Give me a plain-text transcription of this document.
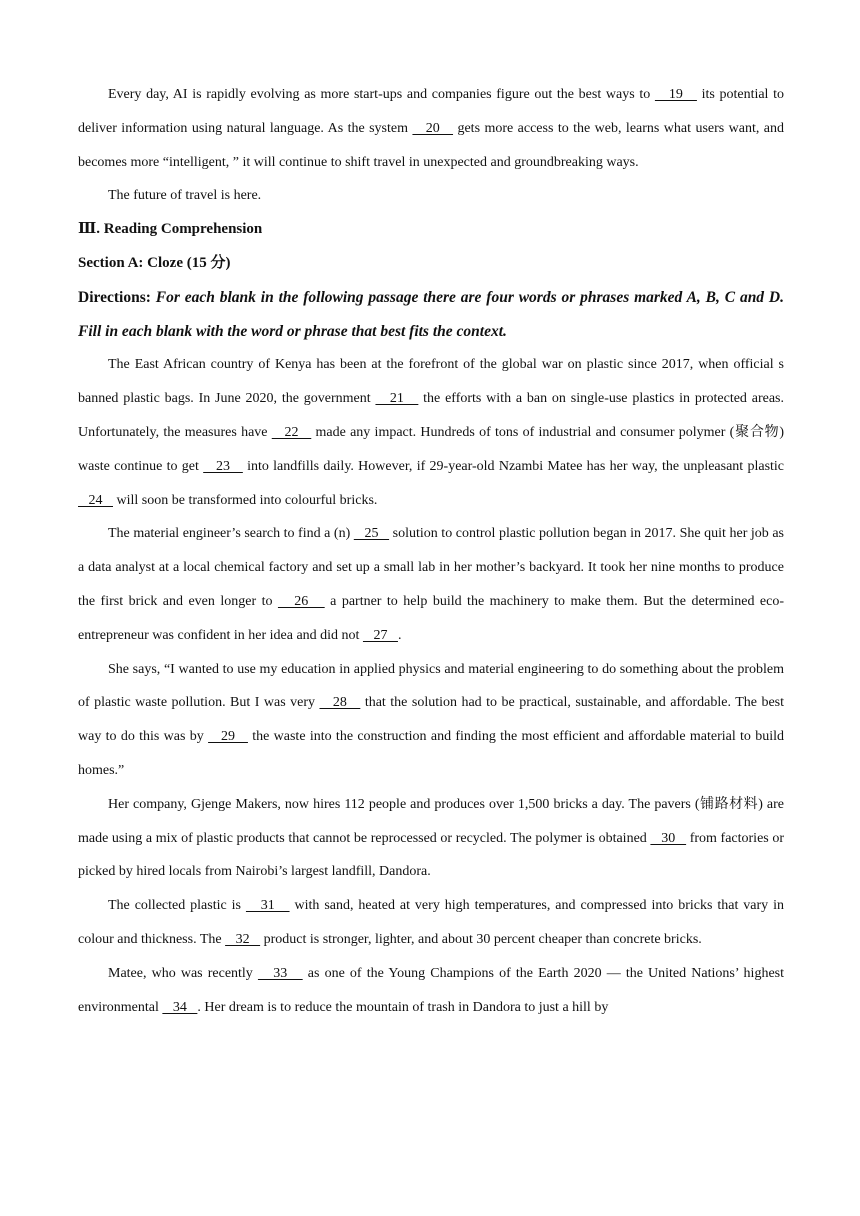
Every day, AI is rapidly evolving as more start-ups and companies figure out the best ways to    19    its potential to deliver information using natural language. As the system    20    gets more access to the web, learns what users want, and becomes more “intelligent, ” it will continue to shift travel in unexpected and groundbreaking ways.

The future of travel is here.

Ⅲ. Reading Comprehension

Section A: Cloze (15 分)

Directions: For each blank in the following passage there are four words or phrases marked A, B, C and D. Fill in each blank with the word or phrase that best fits the context.

The East African country of Kenya has been at the forefront of the global war on plastic since 2017, when official s banned plastic bags. In June 2020, the government    21    the efforts with a ban on single-use plastics in protected areas. Unfortunately, the measures have    22    made any impact. Hundreds of tons of industrial and consumer polymer (聚合物) waste continue to get    23    into landfills daily. However, if 29-year-old Nzambi Matee has her way, the unpleasant plastic    24    will soon be transformed into colourful bricks.

The material engineer’s search to find a (n)    25    solution to control plastic pollution began in 2017. She quit her job as a data analyst at a local chemical factory and set up a small lab in her mother’s backyard. It took her nine months to produce the first brick and even longer to    26    a partner to help build the machinery to make them. But the determined eco-entrepreneur was confident in her idea and did not    27   .

She says, “I wanted to use my education in applied physics and material engineering to do something about the problem of plastic waste pollution. But I was very    28    that the solution had to be practical, sustainable, and affordable. The best way to do this was by    29    the waste into the construction and finding the most efficient and affordable material to build homes.”

Her company, Gjenge Makers, now hires 112 people and produces over 1,500 bricks a day. The pavers (铺路材料) are made using a mix of plastic products that cannot be reprocessed or recycled. The polymer is obtained    30    from factories or picked by hired locals from Nairobi’s largest landfill, Dandora.

The collected plastic is    31    with sand, heated at very high temperatures, and compressed into bricks that vary in colour and thickness. The    32    product is stronger, lighter, and about 30 percent cheaper than concrete bricks.

Matee, who was recently    33    as one of the Young Champions of the Earth 2020 — the United Nations’ highest environmental    34   . Her dream is to reduce the mountain of trash in Dandora to just a hill by
